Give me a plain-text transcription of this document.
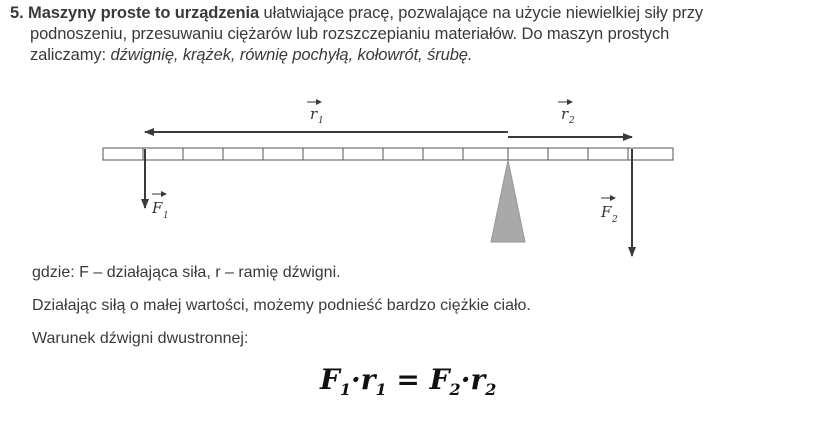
5. Maszyny proste to urządzenia ułatwiające pracę, pozwalające na użycie niewielkiej siły przy
podnoszeniu, przesuwaniu ciężarów lub rozszczepianiu materiałów. Do maszyn prostych
zaliczamy: dźwignię, krążek, równię pochyłą, kołowrót, śrubę.
r 1	r 2
F 1	F 2
gdzie: F – działająca siła, r – ramię dźwigni.
Działając siłą o małej wartości, możemy podnieść bardzo ciężkie ciało.
Warunek dźwigni dwustronnej:
$F_1\cdot r_1 = F_2\cdot r_2$
